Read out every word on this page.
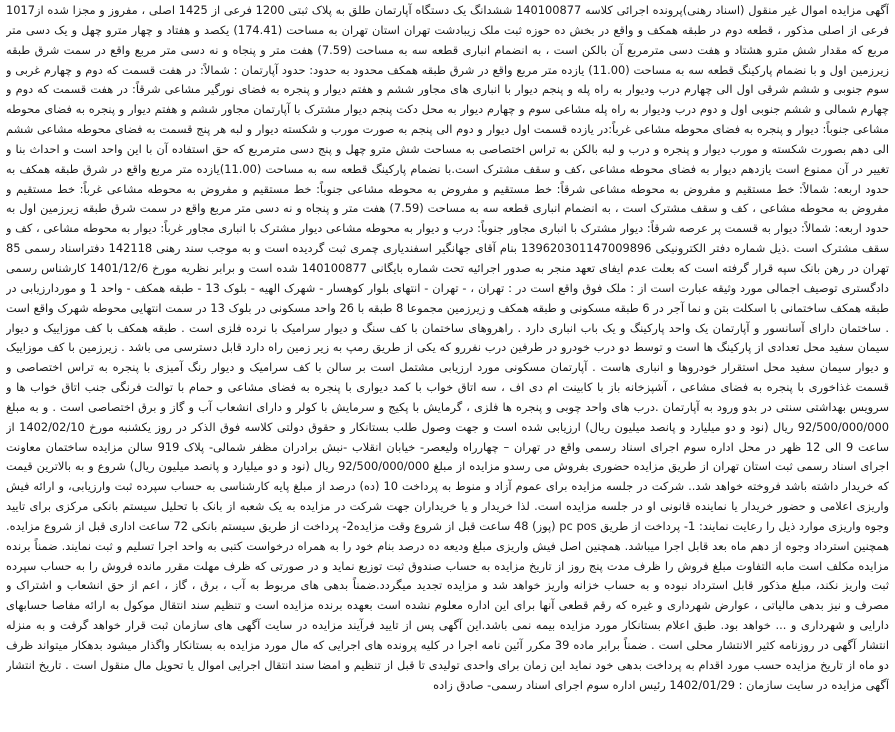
آگهی مزایده اموال غیر منقول (اسناد رهنی)پرونده اجرائی کلاسه 140100877 ششدانگ یک دستگاه آپارتمان طلق به پلاک ثبتی 1200 فرعی از 1425 اصلی ، مفروز و مجزا شده از1017 فرعی از اصلی مذکور ، قطعه دوم در طبقه همکف و واقع در بخش ده حوزه ثبت ملک زیبادشت تهران استان تهران به مساحت (174.41) یکصد و هفتاد و چهار مترو چهل و یک دسی متر مربع که مقدار شش مترو هشتاد و هفت دسی مترمربع آن بالکن است ، به انضمام انباری قطعه سه به مساحت (7.59) هفت متر و پنجاه و نه دسی متر مربع واقع در سمت شرق طبقه زیرزمین اول و با نضمام پارکینگ قطعه سه به مساحت (11.00) یازده متر مربع واقع در شرق طبقه همکف محدود به حدود: حدود آپارتمان : شمالاً: در هفت قسمت که دوم و چهارم غربی و سوم جنوبی و ششم شرقی اول الی چهارم درب ودیوار به راه پله و پنجم دیوار با انباری های مجاور ششم و هفتم دیوار و پنجره به فضای نورگیر مشاعی شرقاً: در هفت قسمت که دوم و چهارم شمالی و ششم جنوبی اول و دوم درب ودیوار به راه پله مشاعی سوم و چهارم دیوار به محل دکت پنجم دیوار مشترک با آپارتمان مجاور ششم و هفتم دیوار و پنجره به فضای محوطه مشاعی جنوباً: دیوار و پنجره به فضای محوطه مشاعی غرباً:در یازده قسمت اول دیوار و دوم الی پنجم به صورت مورب و شکسته دیوار و لبه هر پنج قسمت به فضای محوطه مشاعی ششم الی دهم بصورت شکسته و مورب دیوار و پنجره و درب و لبه بالکن به تراس اختصاصی به مساحت شش مترو چهل و پنج دسی مترمربع که حق استفاده آن با این واحد است و احداث بنا و تغییر در آن ممنوع است یازدهم دیوار به فضای محوطه مشاعی ،کف و سقف مشترک است.با نضمام پارکینگ قطعه سه به مساحت (11.00)یازده متر مربع واقع در شرق طبقه همکف به حدود اربعه: شمالاً: خط مستقیم و مفروض به محوطه مشاعی شرقاً: خط مستقیم و مفروض به محوطه مشاعی جنوباً: خط مستقیم و مفروض به محوطه مشاعی غرباً: خط مستقیم و مفروض به محوطه مشاعی ، کف و سقف مشترک است ، به انضمام انباری قطعه سه به مساحت (7.59) هفت متر و پنجاه و نه دسی متر مربع واقع در سمت شرق طبقه زیرزمین اول به حدود اربعه: شمالاً: دیوار به قسمت پر عرصه شرقاً: دیوار مشترک با انباری مجاور جنوباً: درب و دیوار به محوطه مشاعی دیوار مشترک با انباری مجاور غرباً: دیوار به محوطه مشاعی ، کف و سقف مشترک است .ذیل شماره دفتر الکترونیکی 139620301147009896 بنام آقای جهانگیر اسفندیاری چمری ثبت گردیده است و به موجب سند رهنی 142118 دفتراسناد رسمی 85 تهران در رهن بانک سپه قرار گرفته است که بعلت عدم ایفای تعهد منجر به صدور اجرائیه تحت شماره بایگانی 140100877 شده است و برابر نظریه مورخ 1401/12/6 کارشناس رسمی دادگستری توصیف اجمالی مورد وثیقه عبارت است از : ملک فوق واقع است در : تهران ، - تهران - انتهای بلوار کوهسار - شهرک الهیه - بلوک 13 - طبقه همکف - واحد 1 و موردارزیابی در طبقه همکف ساختمانی با اسکلت بتن و نما آجر در 6 طبقه مسکونی و طبقه همکف و زیرزمین مجموعا 8 طبقه با 26 واحد مسکونی در بلوک 13 در سمت انتهایی محوطه شهرک واقع است . ساختمان دارای آسانسور و آپارتمان یک واحد پارکینگ و یک باب انباری دارد . راهروهای ساختمان با کف سنگ و دیوار سرامیک با نرده فلزی است . طبقه همکف با کف موزاییک و دیوار سیمان سفید محل تعدادی از پارکینگ ها است و توسط دو درب خودرو در طرفین درب نفررو که یکی از طریق رمپ به زیر زمین راه دارد قابل دسترسی می باشد . زیرزمین با کف موزاییک و دیوار سیمان سفید محل استقرار خودروها و انباری هاست . آپارتمان مسکونی مورد ارزیابی مشتمل است بر سالن با کف سرامیک و دیوار رنگ آمیزی با پنجره به تراس اختصاصی و قسمت غذاخوری با پنجره به فضای مشاعی ، آشپزخانه باز با کابینت ام دی اف ، سه اتاق خواب با کمد دیواری با پنجره به فضای مشاعی و حمام با توالت فرنگی جنب اتاق خواب ها و سرویس بهداشتی سنتی در بدو ورود به آپارتمان .درب های واحد چوبی و پنجره ها فلزی ، گرمایش با پکیج و سرمایش با کولر و دارای انشعاب آب و گاز و برق اختصاصی است . و به مبلغ 92/500/000/000 ریال (نود و دو میلیارد و پانصد میلیون ریال) ارزیابی شده است و جهت وصول طلب بستانکار و حقوق دولتی کلاسه فوق الذکر در روز یکشنبه مورخ 1402/02/10 از ساعت 9 الی 12 ظهر در محل اداره سوم اجرای اسناد رسمی واقع در تهران – چهارراه ولیعصر- خیابان انقلاب -نبش برادران مظفر شمالی- پلاک 919 سالن مزایده ساختمان معاونت اجرای اسناد رسمی ثبت استان تهران از طریق مزایده حضوری بفروش می رسدو مزایده از مبلغ 92/500/000/000 ریال (نود و دو میلیارد و پانصد میلیون ریال) شروع و به بالاترین قیمت که خریدار داشته باشد فروخته خواهد شد.. شرکت در جلسه مزایده برای عموم آزاد و منوط به پرداخت 10 (ده) درصد از مبلغ پایه کارشناسی به حساب سپرده ثبت وارزیابی، و ارائه فیش واریزی اعلامی و حضور خریدار یا نماینده قانونی او در جلسه مزایده است. لذا خریدار و یا خریداران جهت شرکت در مزایده به یک شعبه از بانک با تحلیل سیستم بانکی مرکزی برای تایید وجوه واریزی موارد ذیل را رعایت نمایند: 1- پرداخت از طریق pc pos (پوز) 48 ساعت قبل از شروع وقت مزایده2- پرداخت از طریق سیستم بانکی 72 ساعت اداری قبل از شروع مزایده. همچنین استرداد وجوه از دهم ماه بعد قابل اجرا میباشد. همچنین اصل فیش واریزی مبلغ ودیعه ده درصد بنام خود را به همراه درخواست کتبی به واحد اجرا تسلیم و ثبت نمایند. ضمناً برنده مزایده مکلف است مابه التفاوت مبلغ فروش را ظرف مدت پنج روز از تاریخ مزایده به حساب صندوق ثبت توزیع نماید و در صورتی که ظرف مهلت مقرر مانده فروش را به حساب سپرده ثبت واریز نکند، مبلغ مذکور قابل استرداد نبوده و به حساب خزانه واریز خواهد شد و مزایده تجدید میگردد.ضمناً بدهی های مربوط به آب ، برق ، گاز ، اعم از حق انشعاب و اشتراک و مصرف و نیز بدهی مالیاتی ، عوارض شهرداری و غیره که رقم قطعی آنها برای این اداره معلوم نشده است بعهده برنده مزایده است و تنظیم سند انتقال موکول به ارائه مفاصا حسابهای دارایی و شهرداری و ... خواهد بود. طبق اعلام بستانکار مورد مزایده بیمه نمی باشد.این آگهی پس از تایید فرآیند مزایده در سایت آگهی های سازمان ثبت قرار خواهد گرفت و به منزله انتشار آگهی در روزنامه کثیر الانتشار محلی است . ضمناً برابر ماده 39 مکرر آئین نامه اجرا در کلیه پرونده های اجرایی که مال مورد مزایده به بستانکار واگذار میشود بدهکار میتواند ظرف دو ماه از تاریخ مزایده حسب مورد اقدام به پرداخت بدهی خود نماید این زمان برای واحدی تولیدی تا قبل از تنظیم و امضا سند انتقال اجرایی اموال یا تحویل مال منقول است . تاریخ انتشار آگهی مزایده در سایت سازمان : 1402/01/29 رئیس اداره سوم اجرای اسناد رسمی- صادق زاده
